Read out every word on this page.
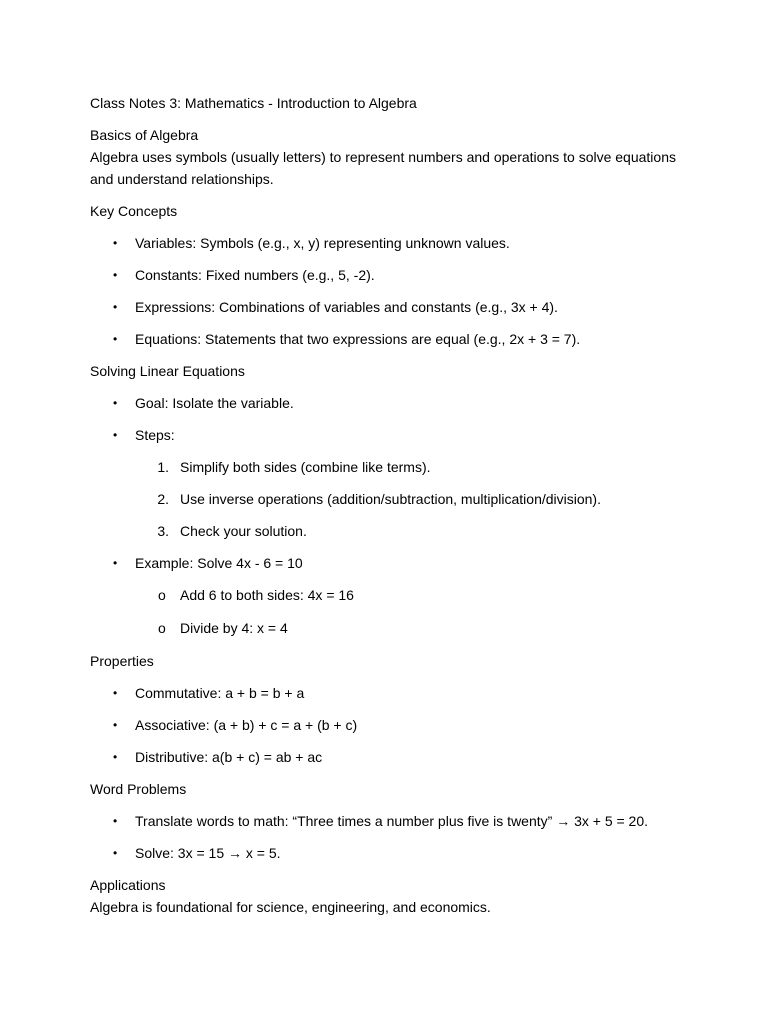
Class Notes 3: Mathematics - Introduction to Algebra
Basics of Algebra
Algebra uses symbols (usually letters) to represent numbers and operations to solve equations
and understand relationships.
Key Concepts
• Variables: Symbols (e.g., x, y) representing unknown values.
• Constants: Fixed numbers (e.g., 5, -2).
• Expressions: Combinations of variables and constants (e.g., 3x + 4).
• Equations: Statements that two expressions are equal (e.g., 2x + 3 = 7).
Solving Linear Equations
• Goal: Isolate the variable.
• Steps:
1. Simplify both sides (combine like terms).
2. Use inverse operations (addition/subtraction, multiplication/division).
3. Check your solution.
• Example: Solve 4x - 6 = 10
o Add 6 to both sides: 4x = 16
o Divide by 4: x = 4
Properties
• Commutative: a + b = b + a
• Associative: (a + b) + c = a + (b + c)
• Distributive: a(b + c) = ab + ac
Word Problems
• Translate words to math: “Three times a number plus five is twenty” → 3x + 5 = 20.
• Solve: 3x = 15 → x = 5.
Applications
Algebra is foundational for science, engineering, and economics.
